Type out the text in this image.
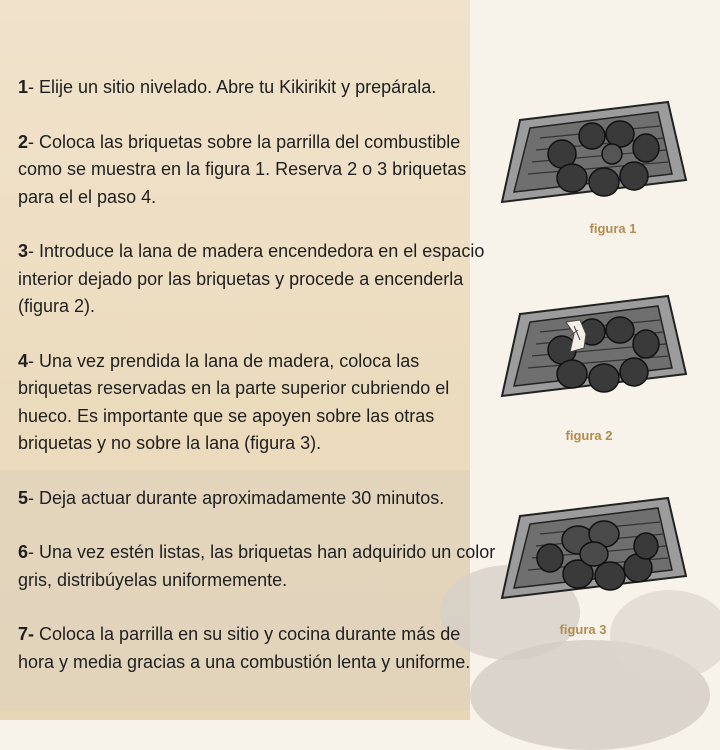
1- Elije un sitio nivelado. Abre tu Kikirikit y prepárala.

2- Coloca las briquetas sobre la parrilla del combustible como se muestra en la figura 1. Reserva 2 o 3 briquetas para el el paso 4.

3- Introduce la lana de madera encendedora en el espacio interior dejado por las briquetas y procede a encenderla (figura 2).

4- Una vez prendida la lana de madera, coloca las briquetas reservadas en la parte superior cubriendo el hueco. Es importante que se apoyen sobre las otras briquetas y no sobre la lana (figura 3).

5- Deja actuar durante aproximadamente 30 minutos.

6- Una vez estén listas, las briquetas han adquirido un color gris, distribúyelas uniformemente.

7- Coloca la parrilla en su sitio y cocina durante más de hora y media gracias a una combustión lenta y uniforme.

figura 1
figura 2
figura 3
